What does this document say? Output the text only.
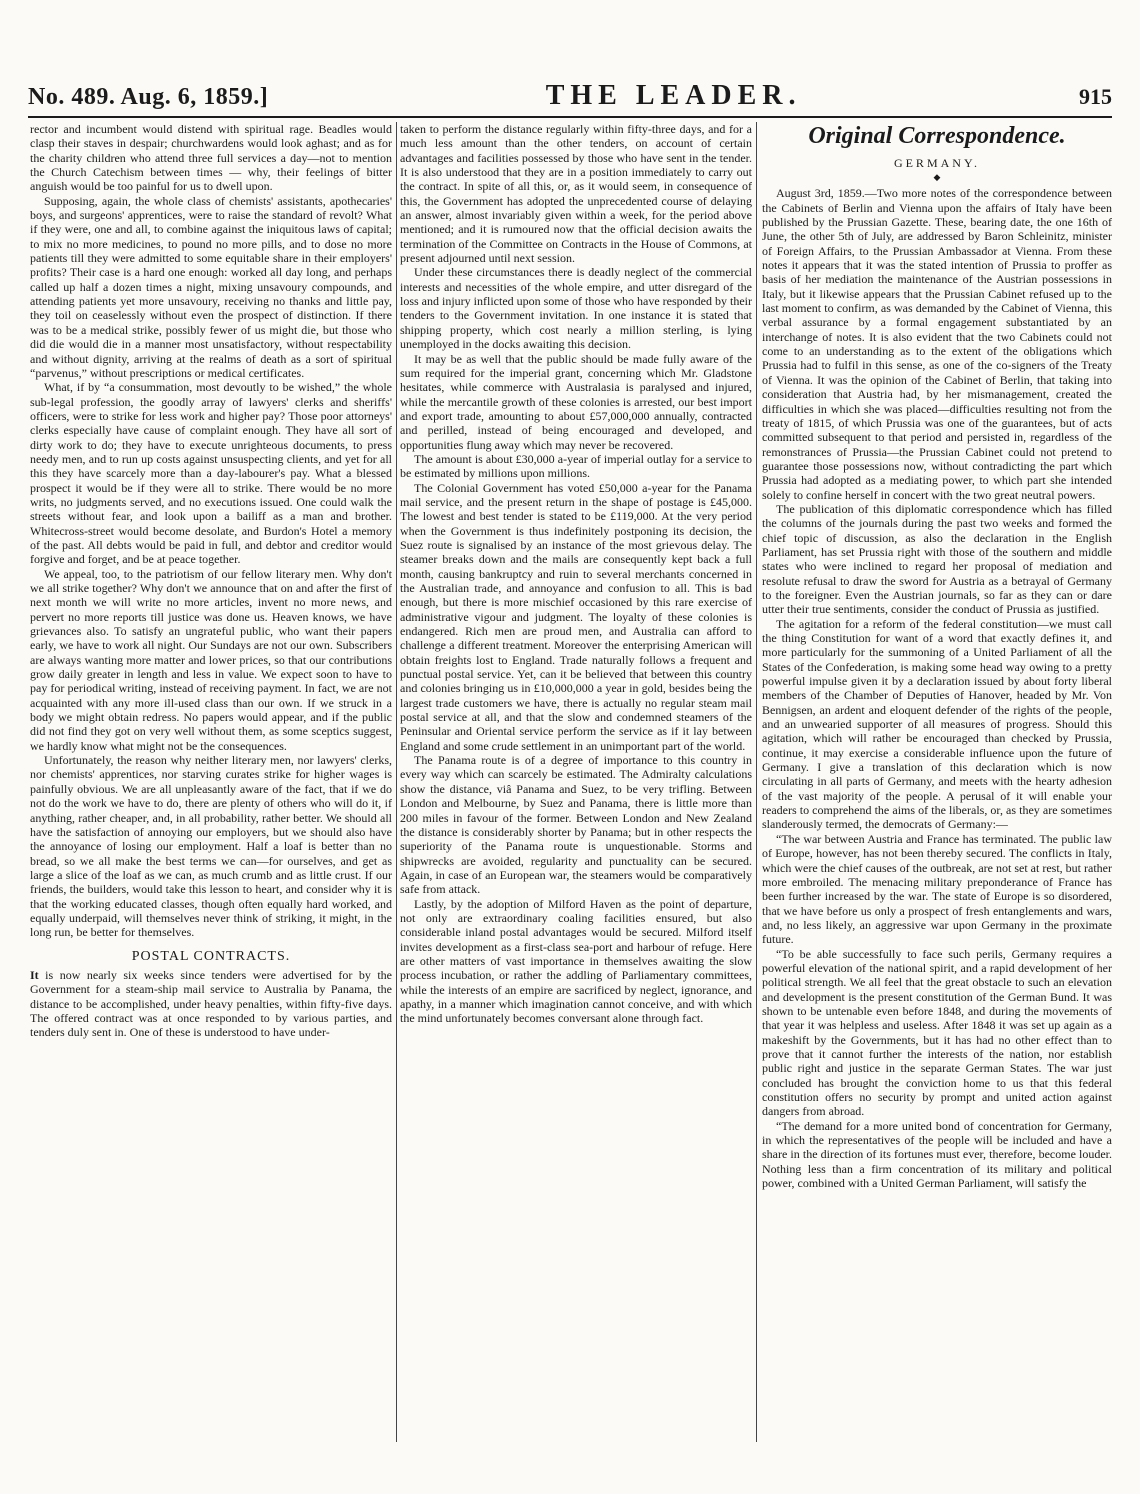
No. 489. Aug. 6, 1859.]	THE LEADER.	915

rector and incumbent would distend with spiritual rage. Beadles would clasp their staves in despair; churchwardens would look aghast; and as for the charity children who attend three full services a day—not to mention the Church Catechism between times — why, their feelings of bitter anguish would be too painful for us to dwell upon.

Supposing, again, the whole class of chemists' assistants, apothecaries' boys, and surgeons' apprentices, were to raise the standard of revolt? What if they were, one and all, to combine against the iniquitous laws of capital; to mix no more medicines, to pound no more pills, and to dose no more patients till they were admitted to some equitable share in their employers' profits? Their case is a hard one enough: worked all day long, and perhaps called up half a dozen times a night, mixing unsavoury compounds, and attending patients yet more unsavoury, receiving no thanks and little pay, they toil on ceaselessly without even the prospect of distinction. If there was to be a medical strike, possibly fewer of us might die, but those who did die would die in a manner most unsatisfactory, without respectability and without dignity, arriving at the realms of death as a sort of spiritual “parvenus,” without prescriptions or medical certificates.

What, if by “a consummation, most devoutly to be wished,” the whole sub-legal profession, the goodly array of lawyers' clerks and sheriffs' officers, were to strike for less work and higher pay? Those poor attorneys' clerks especially have cause of complaint enough. They have all sort of dirty work to do; they have to execute unrighteous documents, to press needy men, and to run up costs against unsuspecting clients, and yet for all this they have scarcely more than a day-labourer's pay. What a blessed prospect it would be if they were all to strike. There would be no more writs, no judgments served, and no executions issued. One could walk the streets without fear, and look upon a bailiff as a man and brother. Whitecross-street would become desolate, and Burdon's Hotel a memory of the past. All debts would be paid in full, and debtor and creditor would forgive and forget, and be at peace together.

We appeal, too, to the patriotism of our fellow literary men. Why don't we all strike together? Why don't we announce that on and after the first of next month we will write no more articles, invent no more news, and pervert no more reports till justice was done us. Heaven knows, we have grievances also. To satisfy an ungrateful public, who want their papers early, we have to work all night. Our Sundays are not our own. Subscribers are always wanting more matter and lower prices, so that our contributions grow daily greater in length and less in value. We expect soon to have to pay for periodical writing, instead of receiving payment. In fact, we are not acquainted with any more ill-used class than our own. If we struck in a body we might obtain redress. No papers would appear, and if the public did not find they got on very well without them, as some sceptics suggest, we hardly know what might not be the consequences.

Unfortunately, the reason why neither literary men, nor lawyers' clerks, nor chemists' apprentices, nor starving curates strike for higher wages is painfully obvious. We are all unpleasantly aware of the fact, that if we do not do the work we have to do, there are plenty of others who will do it, if anything, rather cheaper, and, in all probability, rather better. We should all have the satisfaction of annoying our employers, but we should also have the annoyance of losing our employment. Half a loaf is better than no bread, so we all make the best terms we can—for ourselves, and get as large a slice of the loaf as we can, as much crumb and as little crust. If our friends, the builders, would take this lesson to heart, and consider why it is that the working educated classes, though often equally hard worked, and equally underpaid, will themselves never think of striking, it might, in the long run, be better for themselves.

POSTAL CONTRACTS.

It is now nearly six weeks since tenders were advertised for by the Government for a steam-ship mail service to Australia by Panama, the distance to be accomplished, under heavy penalties, within fifty-five days. The offered contract was at once responded to by various parties, and tenders duly sent in. One of these is understood to have under-

taken to perform the distance regularly within fifty-three days, and for a much less amount than the other tenders, on account of certain advantages and facilities possessed by those who have sent in the tender. It is also understood that they are in a position immediately to carry out the contract. In spite of all this, or, as it would seem, in consequence of this, the Government has adopted the unprecedented course of delaying an answer, almost invariably given within a week, for the period above mentioned; and it is rumoured now that the official decision awaits the termination of the Committee on Contracts in the House of Commons, at present adjourned until next session.

Under these circumstances there is deadly neglect of the commercial interests and necessities of the whole empire, and utter disregard of the loss and injury inflicted upon some of those who have responded by their tenders to the Government invitation. In one instance it is stated that shipping property, which cost nearly a million sterling, is lying unemployed in the docks awaiting this decision.

It may be as well that the public should be made fully aware of the sum required for the imperial grant, concerning which Mr. Gladstone hesitates, while commerce with Australasia is paralysed and injured, while the mercantile growth of these colonies is arrested, our best import and export trade, amounting to about £57,000,000 annually, contracted and perilled, instead of being encouraged and developed, and opportunities flung away which may never be recovered.

The amount is about £30,000 a-year of imperial outlay for a service to be estimated by millions upon millions.

The Colonial Government has voted £50,000 a-year for the Panama mail service, and the present return in the shape of postage is £45,000. The lowest and best tender is stated to be £119,000. At the very period when the Government is thus indefinitely postponing its decision, the Suez route is signalised by an instance of the most grievous delay. The steamer breaks down and the mails are consequently kept back a full month, causing bankruptcy and ruin to several merchants concerned in the Australian trade, and annoyance and confusion to all. This is bad enough, but there is more mischief occasioned by this rare exercise of administrative vigour and judgment. The loyalty of these colonies is endangered. Rich men are proud men, and Australia can afford to challenge a different treatment. Moreover the enterprising American will obtain freights lost to England. Trade naturally follows a frequent and punctual postal service. Yet, can it be believed that between this country and colonies bringing us in £10,000,000 a year in gold, besides being the largest trade customers we have, there is actually no regular steam mail postal service at all, and that the slow and condemned steamers of the Peninsular and Oriental service perform the service as if it lay between England and some crude settlement in an unimportant part of the world.

The Panama route is of a degree of importance to this country in every way which can scarcely be estimated. The Admiralty calculations show the distance, viâ Panama and Suez, to be very trifling. Between London and Melbourne, by Suez and Panama, there is little more than 200 miles in favour of the former. Between London and New Zealand the distance is considerably shorter by Panama; but in other respects the superiority of the Panama route is unquestionable. Storms and shipwrecks are avoided, regularity and punctuality can be secured. Again, in case of an European war, the steamers would be comparatively safe from attack.

Lastly, by the adoption of Milford Haven as the point of departure, not only are extraordinary coaling facilities ensured, but also considerable inland postal advantages would be secured. Milford itself invites development as a first-class sea-port and harbour of refuge. Here are other matters of vast importance in themselves awaiting the slow process incubation, or rather the addling of Parliamentary committees, while the interests of an empire are sacrificed by neglect, ignorance, and apathy, in a manner which imagination cannot conceive, and with which the mind unfortunately becomes conversant alone through fact.

Original Correspondence.
GERMANY.
◆

August 3rd, 1859.—Two more notes of the correspondence between the Cabinets of Berlin and Vienna upon the affairs of Italy have been published by the Prussian Gazette. These, bearing date, the one 16th of June, the other 5th of July, are addressed by Baron Schleinitz, minister of Foreign Affairs, to the Prussian Ambassador at Vienna. From these notes it appears that it was the stated intention of Prussia to proffer as basis of her mediation the maintenance of the Austrian possessions in Italy, but it likewise appears that the Prussian Cabinet refused up to the last moment to confirm, as was demanded by the Cabinet of Vienna, this verbal assurance by a formal engagement substantiated by an interchange of notes. It is also evident that the two Cabinets could not come to an understanding as to the extent of the obligations which Prussia had to fulfil in this sense, as one of the co-signers of the Treaty of Vienna. It was the opinion of the Cabinet of Berlin, that taking into consideration that Austria had, by her mismanagement, created the difficulties in which she was placed—difficulties resulting not from the treaty of 1815, of which Prussia was one of the guarantees, but of acts committed subsequent to that period and persisted in, regardless of the remonstrances of Prussia—the Prussian Cabinet could not pretend to guarantee those possessions now, without contradicting the part which Prussia had adopted as a mediating power, to which part she intended solely to confine herself in concert with the two great neutral powers.

The publication of this diplomatic correspondence which has filled the columns of the journals during the past two weeks and formed the chief topic of discussion, as also the declaration in the English Parliament, has set Prussia right with those of the southern and middle states who were inclined to regard her proposal of mediation and resolute refusal to draw the sword for Austria as a betrayal of Germany to the foreigner. Even the Austrian journals, so far as they can or dare utter their true sentiments, consider the conduct of Prussia as justified.

The agitation for a reform of the federal constitution—we must call the thing Constitution for want of a word that exactly defines it, and more particularly for the summoning of a United Parliament of all the States of the Confederation, is making some head way owing to a pretty powerful impulse given it by a declaration issued by about forty liberal members of the Chamber of Deputies of Hanover, headed by Mr. Von Bennigsen, an ardent and eloquent defender of the rights of the people, and an unwearied supporter of all measures of progress. Should this agitation, which will rather be encouraged than checked by Prussia, continue, it may exercise a considerable influence upon the future of Germany. I give a translation of this declaration which is now circulating in all parts of Germany, and meets with the hearty adhesion of the vast majority of the people. A perusal of it will enable your readers to comprehend the aims of the liberals, or, as they are sometimes slanderously termed, the democrats of Germany:—

“The war between Austria and France has terminated. The public law of Europe, however, has not been thereby secured. The conflicts in Italy, which were the chief causes of the outbreak, are not set at rest, but rather more embroiled. The menacing military preponderance of France has been further increased by the war. The state of Europe is so disordered, that we have before us only a prospect of fresh entanglements and wars, and, no less likely, an aggressive war upon Germany in the proximate future.

“To be able successfully to face such perils, Germany requires a powerful elevation of the national spirit, and a rapid development of her political strength. We all feel that the great obstacle to such an elevation and development is the present constitution of the German Bund. It was shown to be untenable even before 1848, and during the movements of that year it was helpless and useless. After 1848 it was set up again as a makeshift by the Governments, but it has had no other effect than to prove that it cannot further the interests of the nation, nor establish public right and justice in the separate German States. The war just concluded has brought the conviction home to us that this federal constitution offers no security by prompt and united action against dangers from abroad.

“The demand for a more united bond of concentration for Germany, in which the representatives of the people will be included and have a share in the direction of its fortunes must ever, therefore, become louder. Nothing less than a firm concentration of its military and political power, combined with a United German Parliament, will satisfy the
